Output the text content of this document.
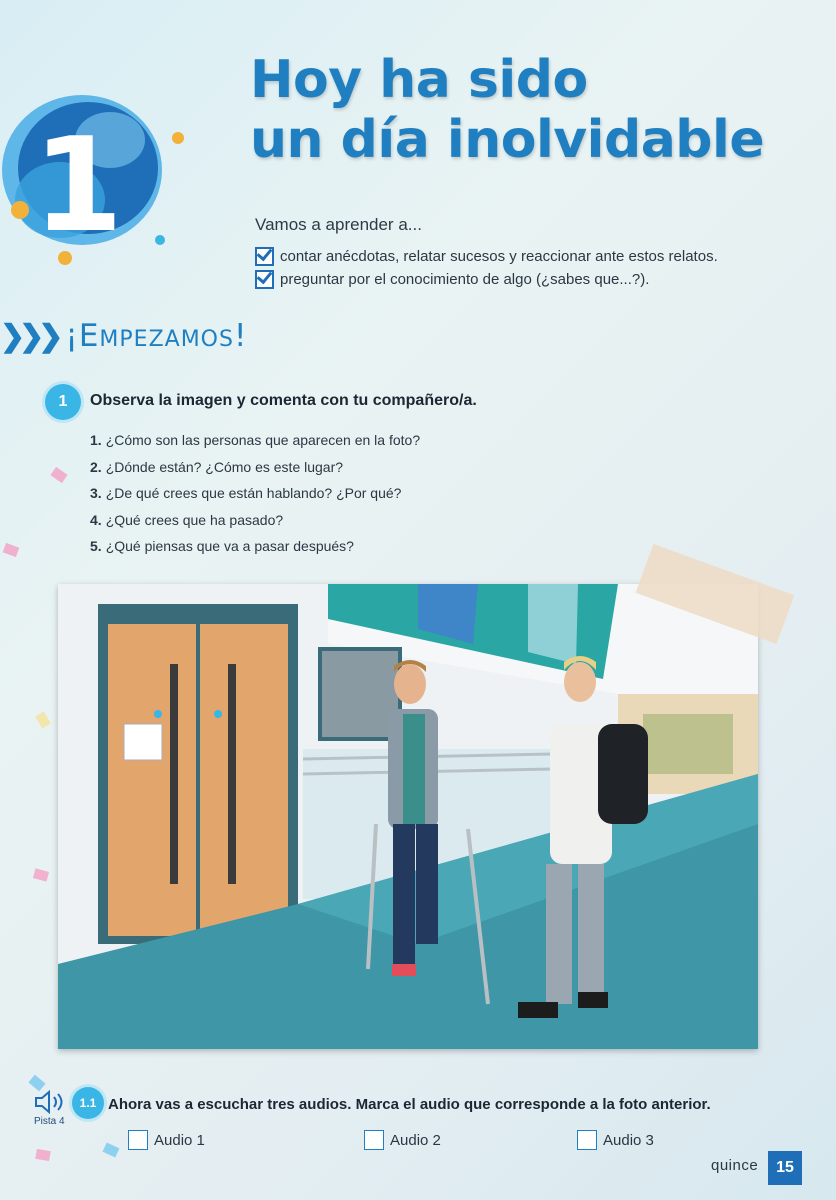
1
Hoy ha sido
un día inolvidable
Vamos a aprender a...
contar anécdotas, relatar sucesos y reaccionar ante estos relatos.
preguntar por el conocimiento de algo (¿sabes que...?).
❯❯❯ ¡Empezamos!
1	Observa la imagen y comenta con tu compañero/a.
1. ¿Cómo son las personas que aparecen en la foto?
2. ¿Dónde están? ¿Cómo es este lugar?
3. ¿De qué crees que están hablando? ¿Por qué?
4. ¿Qué crees que ha pasado?
5. ¿Qué piensas que va a pasar después?
Pista 4
1.1 Ahora vas a escuchar tres audios. Marca el audio que corresponde a la foto anterior.
Audio 1	Audio 2	Audio 3
quince	15
